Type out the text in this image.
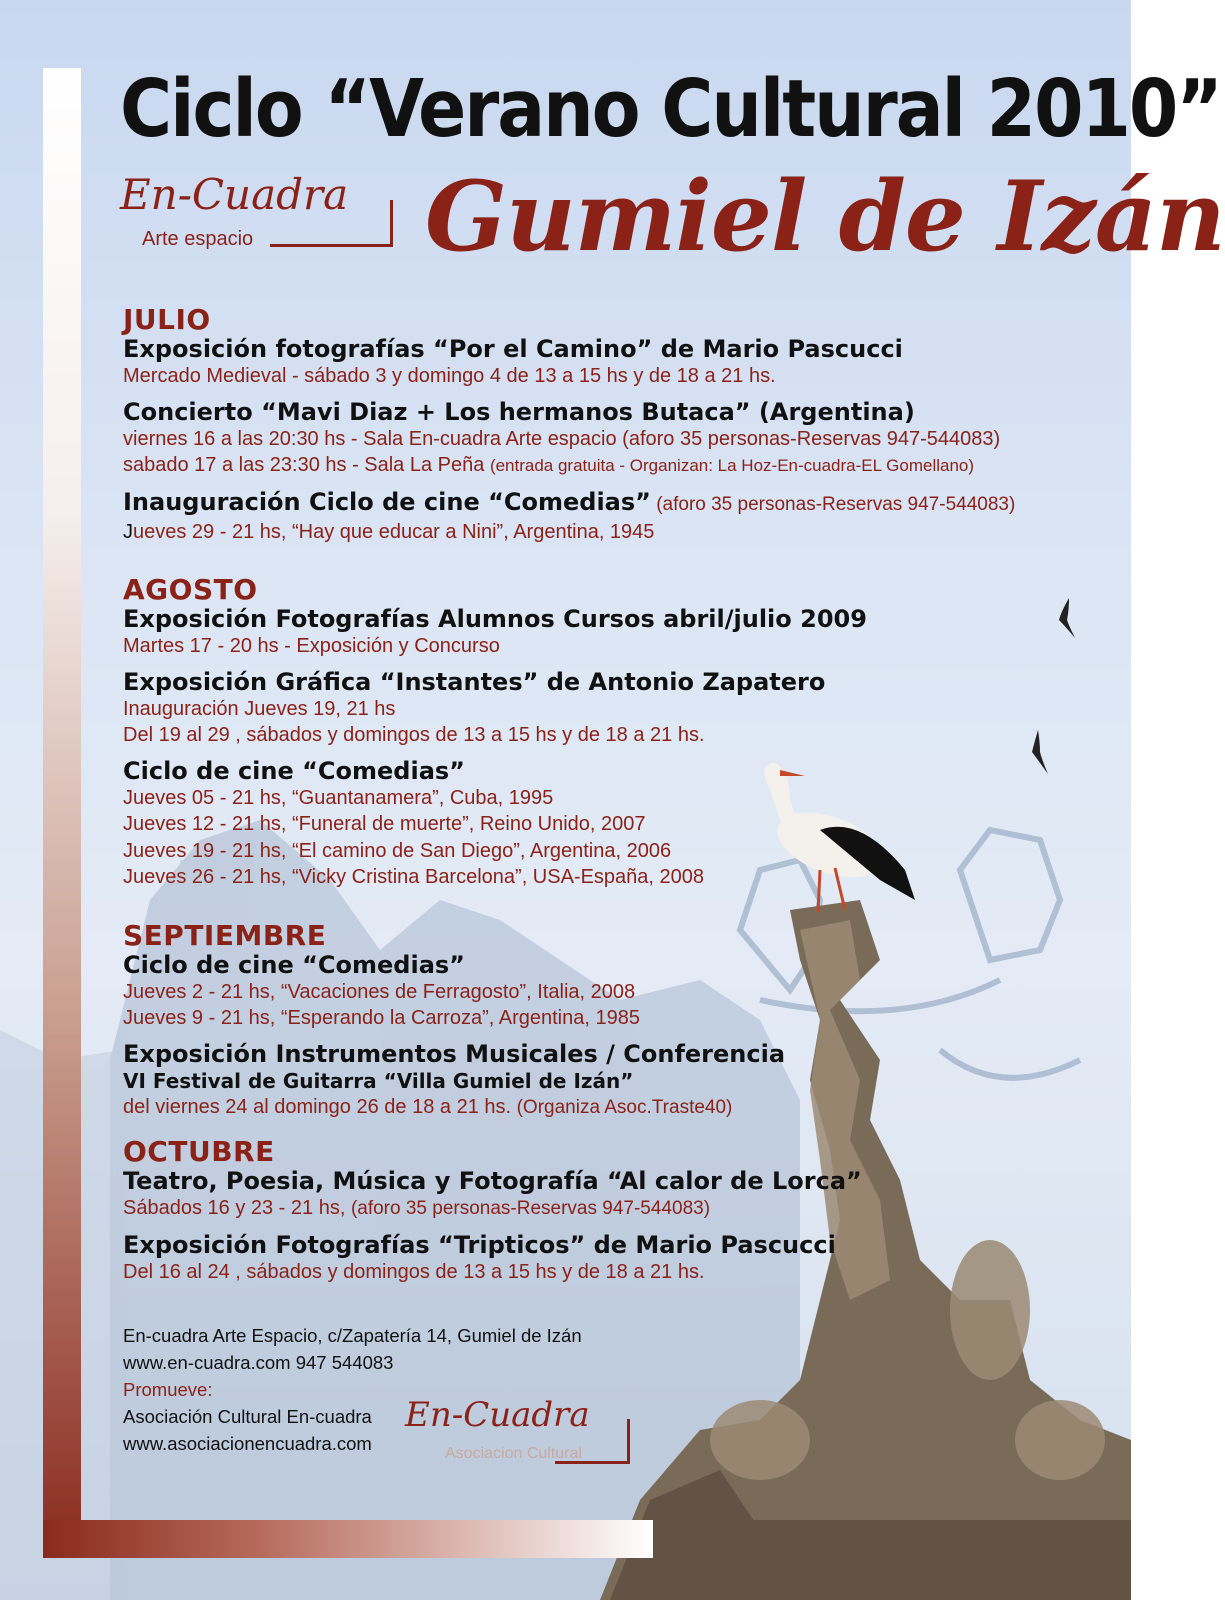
Ciclo “Verano Cultural 2010”
En-Cuadra
Arte espacio Gumiel de Izán

JULIO

Exposición fotografías “Por el Camino” de Mario Pascucci

Mercado Medieval - sábado 3 y domingo 4 de 13 a 15 hs y de 18 a 21 hs.

Concierto “Mavi Diaz + Los hermanos Butaca” (Argentina)

viernes 16 a las 20:30 hs - Sala En-cuadra Arte espacio (aforo 35 personas-Reservas 947-544083)

sabado 17 a las 23:30 hs - Sala La Peña (entrada gratuita - Organizan: La Hoz-En-cuadra-EL Gomellano)

Inauguración Ciclo de cine “Comedias” (aforo 35 personas-Reservas 947-544083)

Jueves 29 - 21 hs, “Hay que educar a Nini”, Argentina, 1945

AGOSTO

Exposición Fotografías Alumnos Cursos abril/julio 2009

Martes 17 - 20 hs - Exposición y Concurso

Exposición Gráfica “Instantes” de Antonio Zapatero

Inauguración Jueves 19, 21 hs

Del 19 al 29 , sábados y domingos de 13 a 15 hs y de 18 a 21 hs.

Ciclo de cine “Comedias”

Jueves 05 - 21 hs, “Guantanamera”, Cuba, 1995

Jueves 12 - 21 hs, “Funeral de muerte”, Reino Unido, 2007

Jueves 19 - 21 hs, “El camino de San Diego”, Argentina, 2006

Jueves 26 - 21 hs, “Vicky Cristina Barcelona”, USA-España, 2008

SEPTIEMBRE

Ciclo de cine “Comedias”

Jueves 2 - 21 hs, “Vacaciones de Ferragosto”, Italia, 2008

Jueves 9 - 21 hs, “Esperando la Carroza”, Argentina, 1985

Exposición Instrumentos Musicales / Conferencia

VI Festival de Guitarra “Villa Gumiel de Izán”

del viernes 24 al domingo 26 de 18 a 21 hs. (Organiza Asoc.Traste40)

OCTUBRE

Teatro, Poesia, Música y Fotografía “Al calor de Lorca”

Sábados 16 y 23 - 21 hs, (aforo 35 personas-Reservas 947-544083)

Exposición Fotografías “Tripticos” de Mario Pascucci

Del 16 al 24 , sábados y domingos de 13 a 15 hs y de 18 a 21 hs.

En-cuadra Arte Espacio, c/Zapatería 14, Gumiel de Izán

www.en-cuadra.com 947 544083

Promueve:

Asociación Cultural En-cuadra

www.asociacionencuadra.com

En-Cuadra
Asociacion Cultural
